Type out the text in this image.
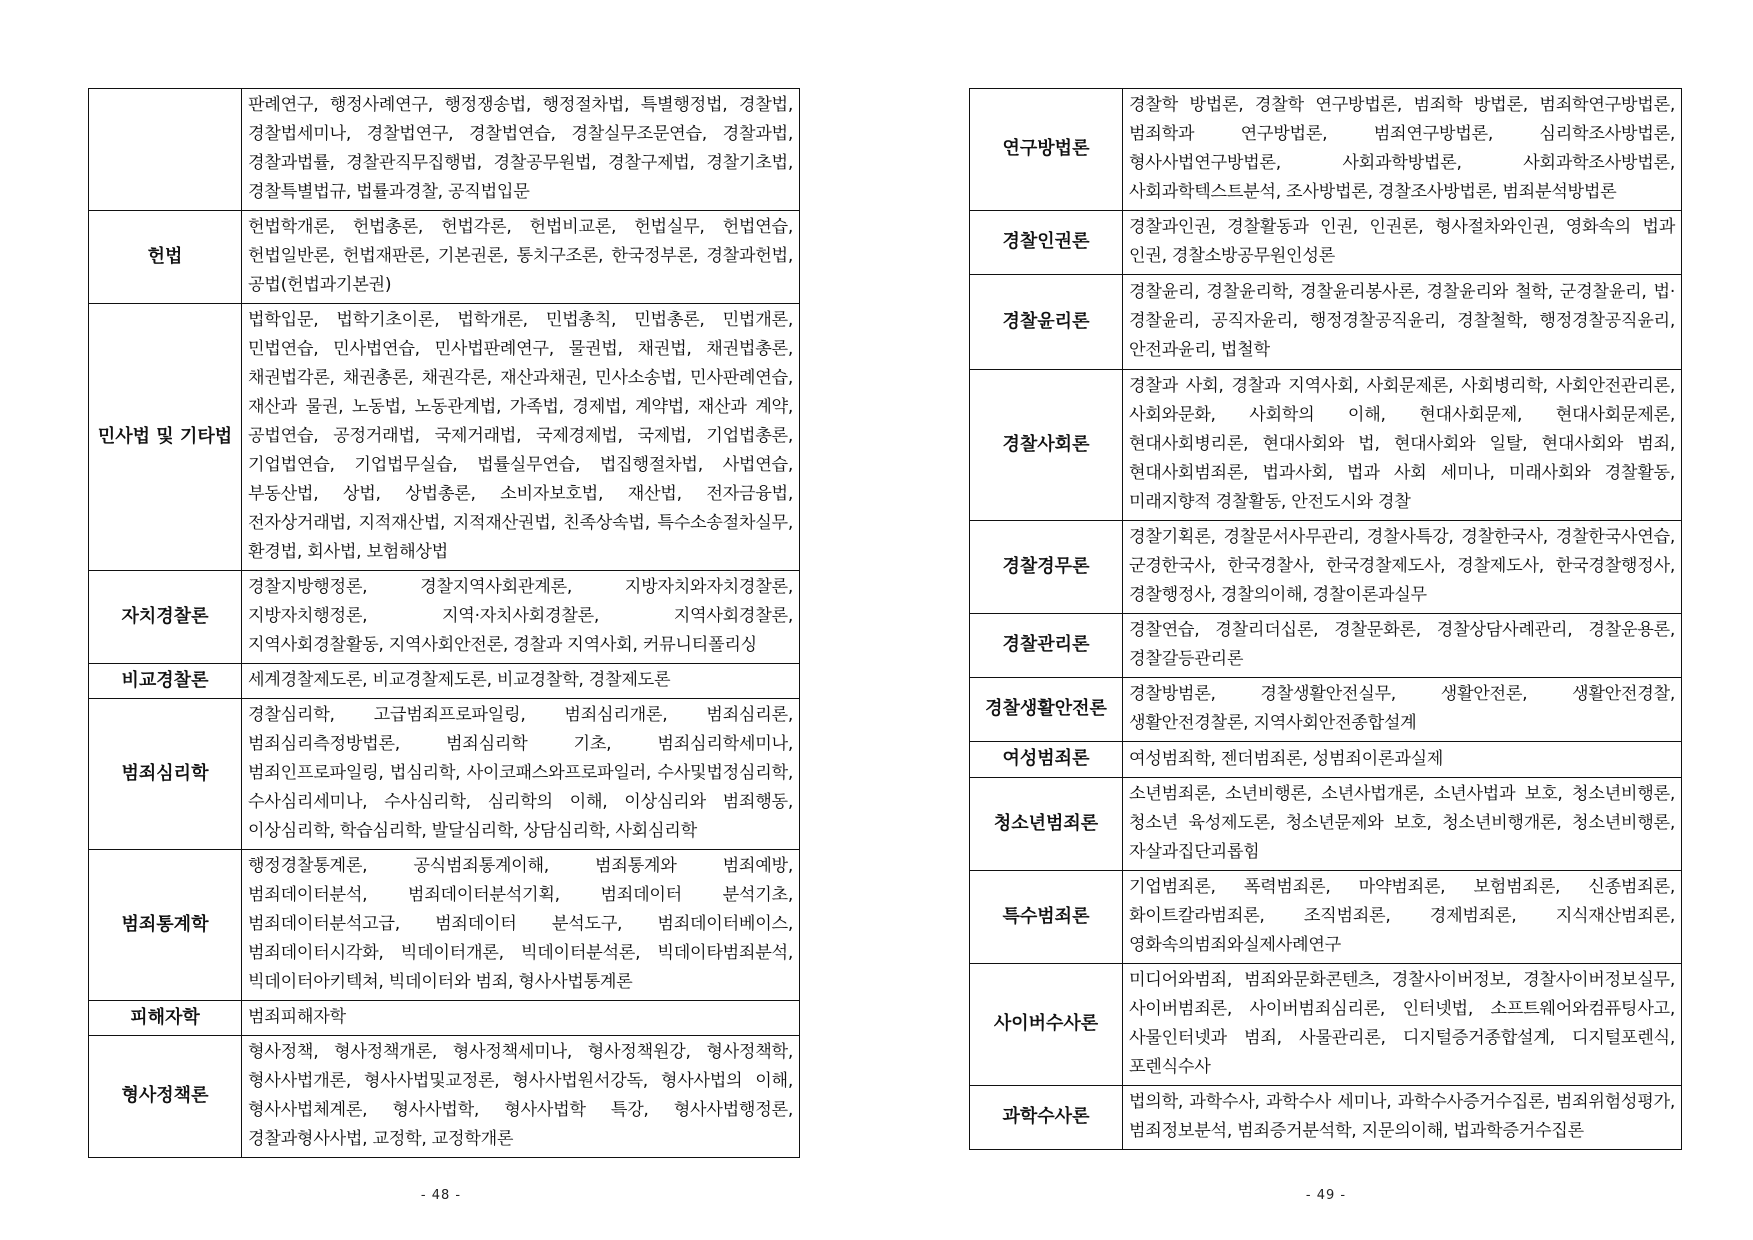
	판례연구, 행정사례연구, 행정쟁송법, 행정절차법, 특별행정법, 경찰법, 경찰법세미나, 경찰법연구, 경찰법연습, 경찰실무조문연습, 경찰과법, 경찰과법률, 경찰관직무집행법, 경찰공무원법, 경찰구제법, 경찰기초법, 경찰특별법규, 법률과경찰, 공직법입문
헌법	헌법학개론, 헌법총론, 헌법각론, 헌법비교론, 헌법실무, 헌법연습, 헌법일반론, 헌법재판론, 기본권론, 통치구조론, 한국정부론, 경찰과헌법, 공법(헌법과기본권)
민사법 및 기타법	법학입문, 법학기초이론, 법학개론, 민법총칙, 민법총론, 민법개론, 민법연습, 민사법연습, 민사법판례연구, 물권법, 채권법, 채권법총론, 채권법각론, 채권총론, 채권각론, 재산과채권, 민사소송법, 민사판례연습, 재산과 물권, 노동법, 노동관계법, 가족법, 경제법, 계약법, 재산과 계약, 공법연습, 공정거래법, 국제거래법, 국제경제법, 국제법, 기업법총론, 기업법연습, 기업법무실습, 법률실무연습, 법집행절차법, 사법연습, 부동산법, 상법, 상법총론, 소비자보호법, 재산법, 전자금융법, 전자상거래법, 지적재산법, 지적재산권법, 친족상속법, 특수소송절차실무, 환경법, 회사법, 보험해상법
자치경찰론	경찰지방행정론, 경찰지역사회관계론, 지방자치와자치경찰론, 지방자치행정론, 지역·자치사회경찰론, 지역사회경찰론, 지역사회경찰활동, 지역사회안전론, 경찰과 지역사회, 커뮤니티폴리싱
비교경찰론	세계경찰제도론, 비교경찰제도론, 비교경찰학, 경찰제도론
범죄심리학	경찰심리학, 고급범죄프로파일링, 범죄심리개론, 범죄심리론, 범죄심리측정방법론, 범죄심리학 기초, 범죄심리학세미나, 범죄인프로파일링, 법심리학, 사이코패스와프로파일러, 수사및법정심리학, 수사심리세미나, 수사심리학, 심리학의 이해, 이상심리와 범죄행동, 이상심리학, 학습심리학, 발달심리학, 상담심리학, 사회심리학
범죄통계학	행정경찰통계론, 공식범죄통계이해, 범죄통계와 범죄예방, 범죄데이터분석, 범죄데이터분석기획, 범죄데이터 분석기초, 범죄데이터분석고급, 범죄데이터 분석도구, 범죄데이터베이스, 범죄데이터시각화, 빅데이터개론, 빅데이터분석론, 빅데이타범죄분석, 빅데이터아키텍쳐, 빅데이터와 범죄, 형사사법통계론
피해자학	범죄피해자학
형사정책론	형사정책, 형사정책개론, 형사정책세미나, 형사정책원강, 형사정책학, 형사사법개론, 형사사법및교정론, 형사사법원서강독, 형사사법의 이해, 형사사법체계론, 형사사법학, 형사사법학 특강, 형사사법행정론, 경찰과형사사법, 교정학, 교정학개론
- 48 -
연구방법론	경찰학 방법론, 경찰학 연구방법론, 범죄학 방법론, 범죄학연구방법론, 범죄학과 연구방법론, 범죄연구방법론, 심리학조사방법론, 형사사법연구방법론, 사회과학방법론, 사회과학조사방법론, 사회과학텍스트분석, 조사방법론, 경찰조사방법론, 범죄분석방법론
경찰인권론	경찰과인권, 경찰활동과 인권, 인권론, 형사절차와인권, 영화속의 법과 인권, 경찰소방공무원인성론
경찰윤리론	경찰윤리, 경찰윤리학, 경찰윤리봉사론, 경찰윤리와 철학, 군경찰윤리, 법·경찰윤리, 공직자윤리, 행정경찰공직윤리, 경찰철학, 행정경찰공직윤리, 안전과윤리, 법철학
경찰사회론	경찰과 사회, 경찰과 지역사회, 사회문제론, 사회병리학, 사회안전관리론, 사회와문화, 사회학의 이해, 현대사회문제, 현대사회문제론, 현대사회병리론, 현대사회와 법, 현대사회와 일탈, 현대사회와 범죄, 현대사회범죄론, 법과사회, 법과 사회 세미나, 미래사회와 경찰활동, 미래지향적 경찰활동, 안전도시와 경찰
경찰경무론	경찰기획론, 경찰문서사무관리, 경찰사특강, 경찰한국사, 경찰한국사연습, 군경한국사, 한국경찰사, 한국경찰제도사, 경찰제도사, 한국경찰행정사, 경찰행정사, 경찰의이해, 경찰이론과실무
경찰관리론	경찰연습, 경찰리더십론, 경찰문화론, 경찰상담사례관리, 경찰운용론, 경찰갈등관리론
경찰생활안전론	경찰방범론, 경찰생활안전실무, 생활안전론, 생활안전경찰, 생활안전경찰론, 지역사회안전종합설계
여성범죄론	여성범죄학, 젠더범죄론, 성범죄이론과실제
청소년범죄론	소년범죄론, 소년비행론, 소년사법개론, 소년사법과 보호, 청소년비행론, 청소년 육성제도론, 청소년문제와 보호, 청소년비행개론, 청소년비행론, 자살과집단괴롭힘
특수범죄론	기업범죄론, 폭력범죄론, 마약범죄론, 보험범죄론, 신종범죄론, 화이트칼라범죄론, 조직범죄론, 경제범죄론, 지식재산범죄론, 영화속의범죄와실제사례연구
사이버수사론	미디어와범죄, 범죄와문화콘텐츠, 경찰사이버정보, 경찰사이버정보실무, 사이버범죄론, 사이버범죄심리론, 인터넷법, 소프트웨어와컴퓨팅사고, 사물인터넷과 범죄, 사물관리론, 디지털증거종합설계, 디지털포렌식, 포렌식수사
과학수사론	법의학, 과학수사, 과학수사 세미나, 과학수사증거수집론, 범죄위험성평가, 범죄정보분석, 범죄증거분석학, 지문의이해, 법과학증거수집론
- 49 -
